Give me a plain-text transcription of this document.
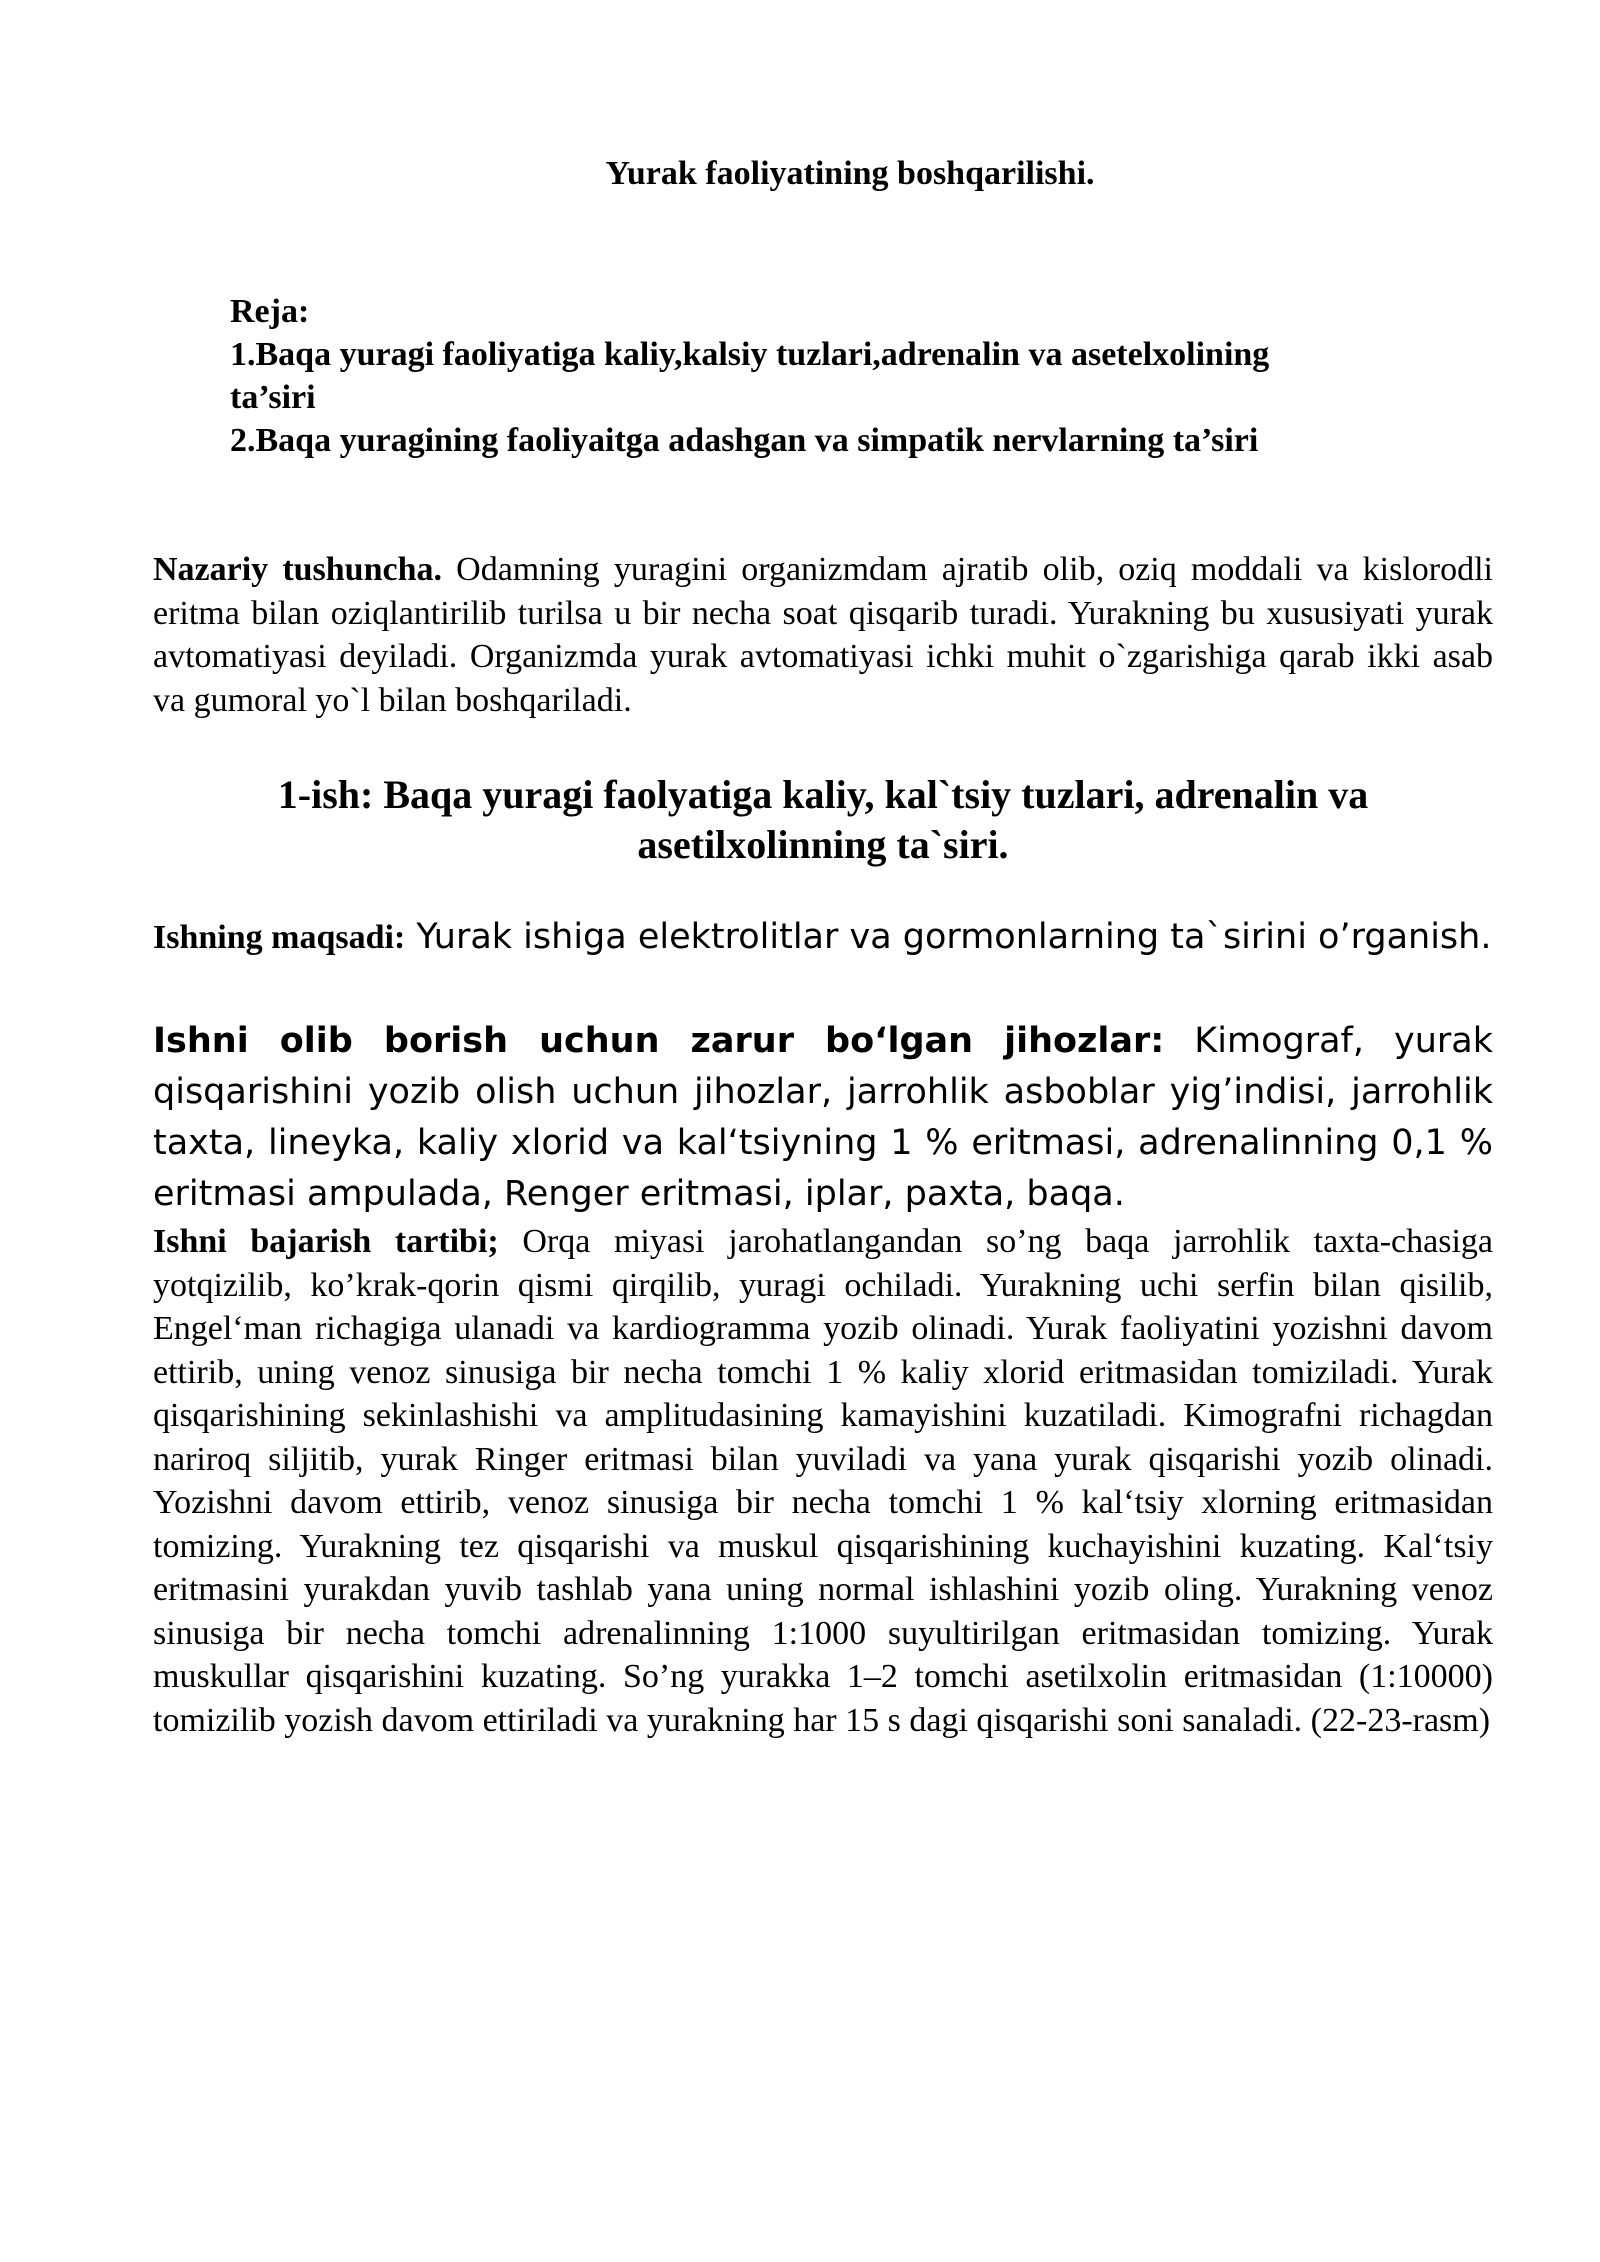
Yurak faoliyatining boshqarilishi.
Reja:
1.Baqa yuragi faoliyatiga kaliy,kalsiy tuzlari,adrenalin va asetelxolining
ta’siri
2.Baqa yuragining faoliyaitga adashgan va simpatik nervlarning ta’siri

Nazariy tushuncha. Odamning yuragini organizmdam ajratib olib, oziq moddali va kislorodli eritma bilan oziqlantirilib turilsa u bir necha soat qisqarib turadi. Yurakning bu xususiyati yurak avtomatiyasi deyiladi. Organizmda yurak avtomatiyasi ichki muhit o`zgarishiga qarab ikki asab va gumoral yo`l bilan boshqariladi.

1-ish: Baqa yuragi faolyatiga kaliy, kal`tsiy tuzlari, adrenalin va
asetilxolinning ta`siri.

Ishning maqsadi: Yurak ishiga elektrolitlar va gormonlarning ta`sirini o’rganish.

Ishni olib borish uchun zarur bo‘lgan jihozlar: Kimograf, yurak qisqarishini yozib olish uchun jihozlar, jarrohlik asboblar yig’indisi, jarrohlik taxta, lineyka, kaliy xlorid va kal‘tsiyning 1 % eritmasi, adrenalinning 0,1 % eritmasi ampulada, Renger eritmasi, iplar, paxta, baqa.

Ishni bajarish tartibi; Orqa miyasi jarohatlangandan so’ng baqa jarrohlik taxta-chasiga yotqizilib, ko’krak-qorin qismi qirqilib, yuragi ochiladi. Yurakning uchi serfin bilan qisilib, Engel‘man richagiga ulanadi va kardiogramma yozib olinadi. Yurak faoliyatini yozishni davom ettirib, uning venoz sinusiga bir necha tomchi 1 % kaliy xlorid eritmasidan tomiziladi. Yurak qisqarishining sekinlashishi va amplitudasining kamayishini kuzatiladi. Kimografni richagdan nariroq siljitib, yurak Ringer eritmasi bilan yuviladi va yana yurak qisqarishi yozib olinadi. Yozishni davom ettirib, venoz sinusiga bir necha tomchi 1 % kal‘tsiy xlorning eritmasidan tomizing. Yurakning tez qisqarishi va muskul qisqarishining kuchayishini kuzating. Kal‘tsiy eritmasini yurakdan yuvib tashlab yana uning normal ishlashini yozib oling. Yurakning venoz sinusiga bir necha tomchi adrenalinning 1:1000 suyultirilgan eritmasidan tomizing. Yurak muskullar qisqarishini kuzating. So’ng yurakka 1–2 tomchi asetilxolin eritmasidan (1:10000) tomizilib yozish davom ettiriladi va yurakning har 15 s dagi qisqarishi soni sanaladi. (22-23-rasm)
